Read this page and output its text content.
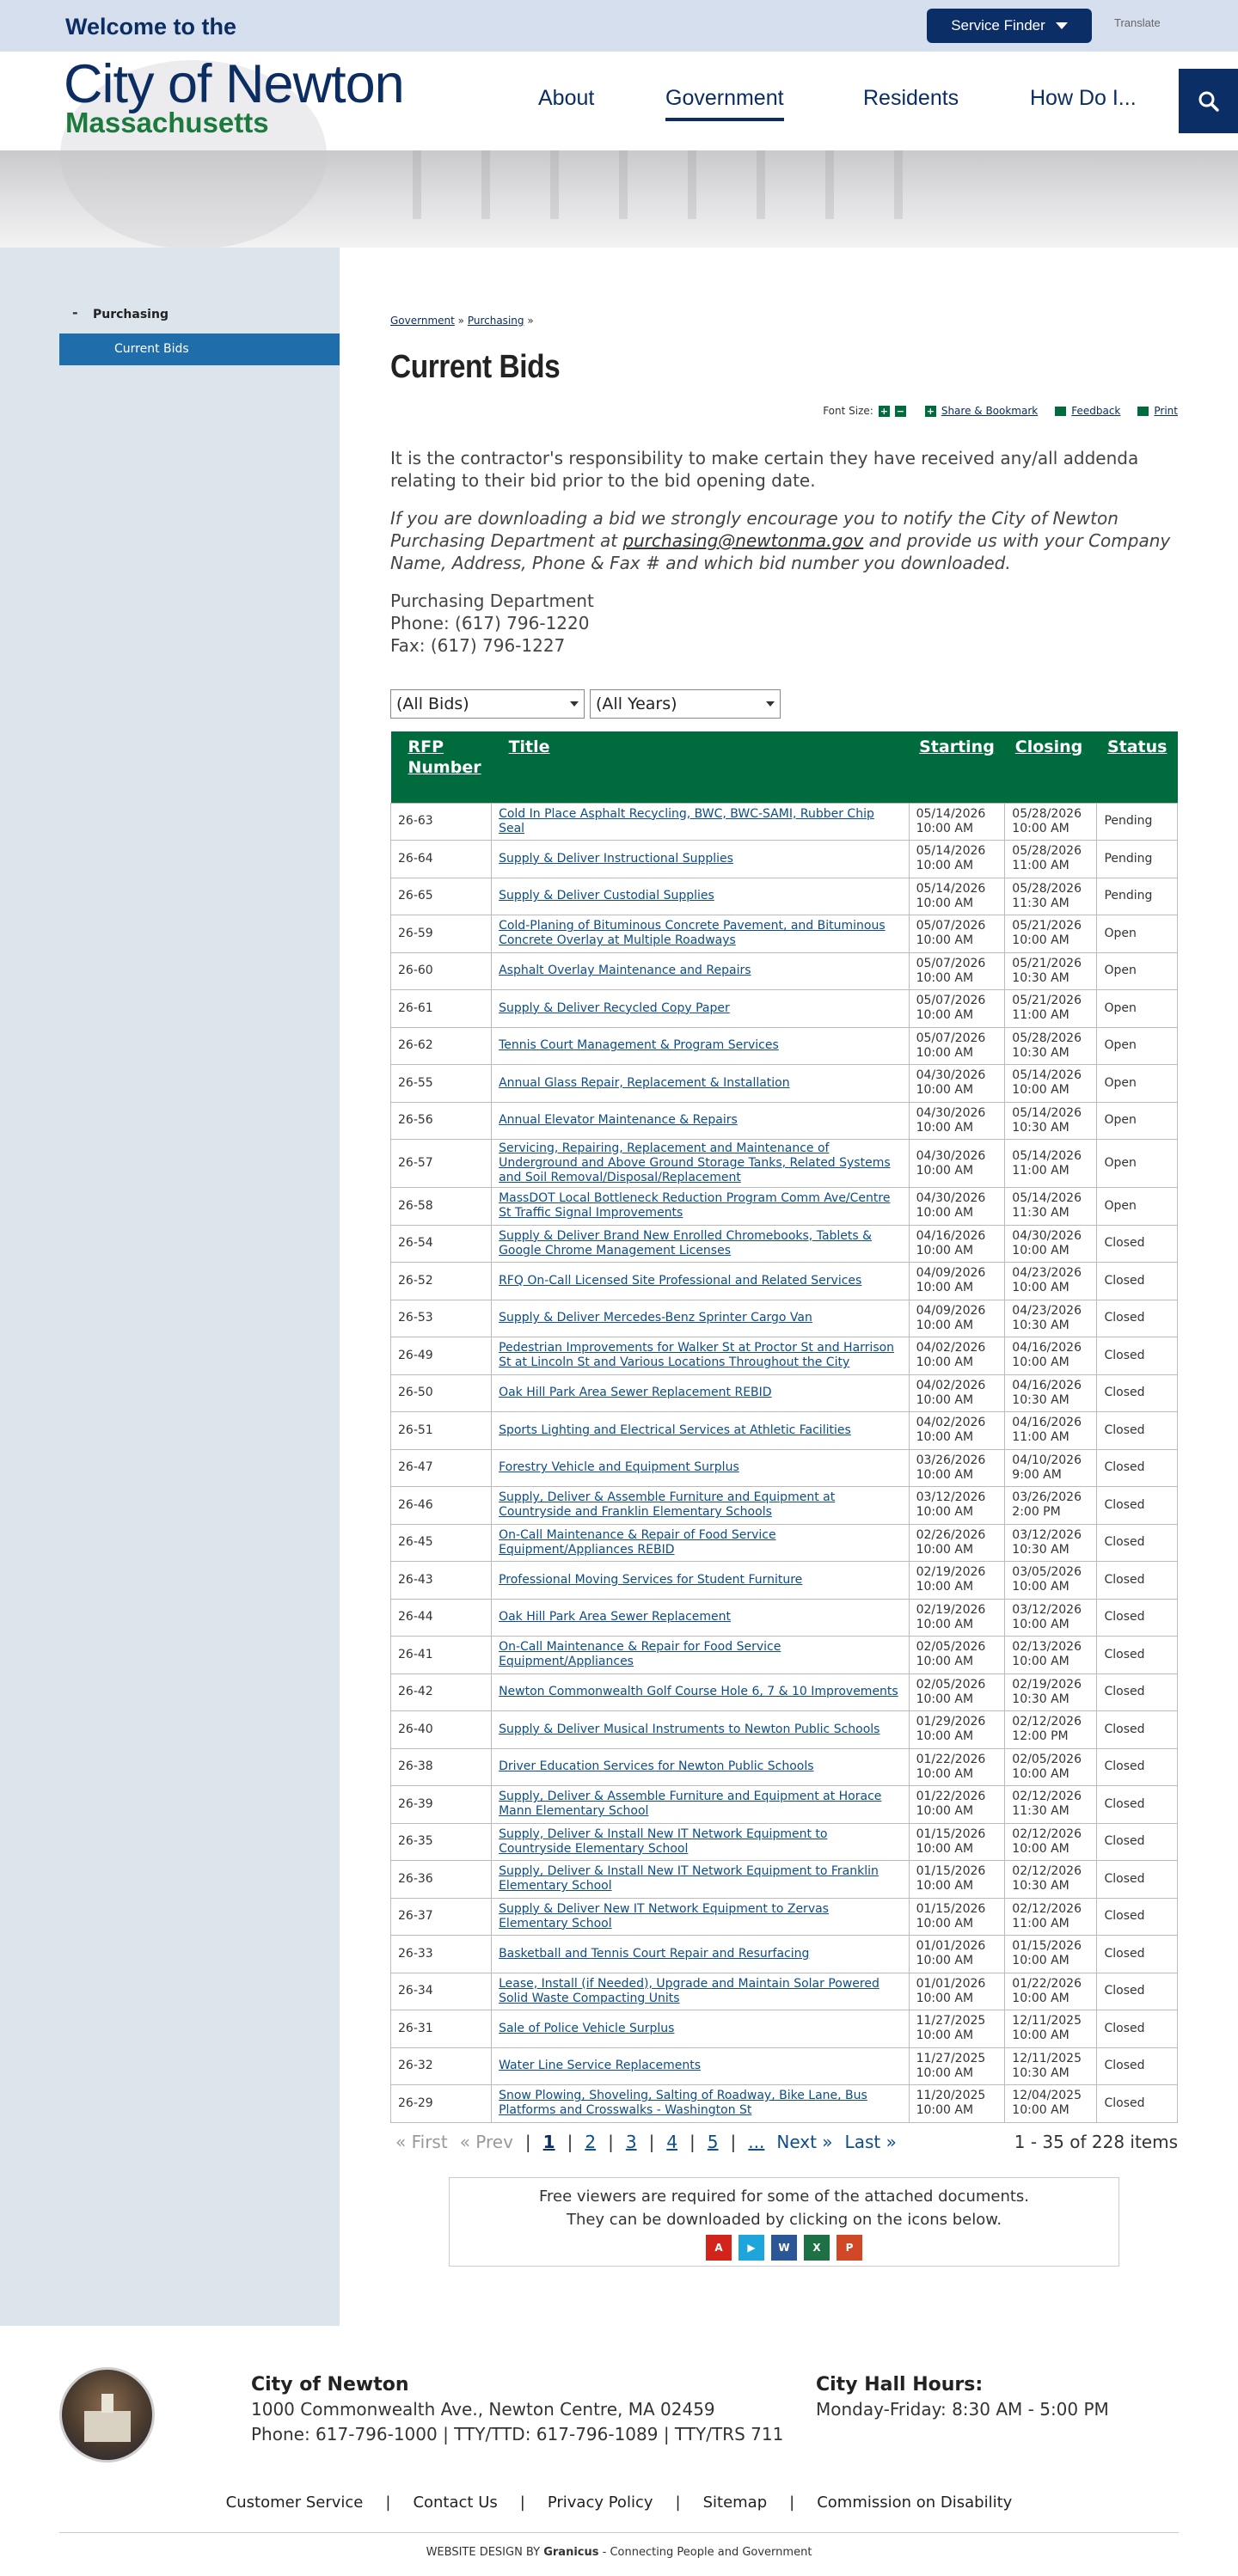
Welcome to the	Service Finder	Translate
City of Newton
Massachusetts
About	Government	Residents	How Do I...
- Purchasing
Current Bids
Government » Purchasing »
Current Bids
Font Size: + − + Share & Bookmark	Feedback	Print

It is the contractor's responsibility to make certain they have received any/all addenda relating to their bid prior to the bid opening date.

If you are downloading a bid we strongly encourage you to notify the City of Newton Purchasing Department at purchasing@newtonma.gov and provide us with your Company Name, Address, Phone & Fax # and which bid number you downloaded.

Purchasing Department
Phone: (617) 796-1220
Fax: (617) 796-1227
(All Bids)	(All Years)
RFP Number	Title	Starting	Closing	Status
26-63	Cold In Place Asphalt Recycling, BWC, BWC-SAMI, Rubber Chip Seal	05/14/2026 10:00 AM	05/28/2026 10:00 AM	Pending
26-64	Supply & Deliver Instructional Supplies	05/14/2026 10:00 AM	05/28/2026 11:00 AM	Pending
26-65	Supply & Deliver Custodial Supplies	05/14/2026 10:00 AM	05/28/2026 11:30 AM	Pending
26-59	Cold-Planing of Bituminous Concrete Pavement, and Bituminous Concrete Overlay at Multiple Roadways	05/07/2026 10:00 AM	05/21/2026 10:00 AM	Open
26-60	Asphalt Overlay Maintenance and Repairs	05/07/2026 10:00 AM	05/21/2026 10:30 AM	Open
26-61	Supply & Deliver Recycled Copy Paper	05/07/2026 10:00 AM	05/21/2026 11:00 AM	Open
26-62	Tennis Court Management & Program Services	05/07/2026 10:00 AM	05/28/2026 10:30 AM	Open
26-55	Annual Glass Repair, Replacement & Installation	04/30/2026 10:00 AM	05/14/2026 10:00 AM	Open
26-56	Annual Elevator Maintenance & Repairs	04/30/2026 10:00 AM	05/14/2026 10:30 AM	Open
26-57	Servicing, Repairing, Replacement and Maintenance of Underground and Above Ground Storage Tanks, Related Systems and Soil Removal/Disposal/Replacement	04/30/2026 10:00 AM	05/14/2026 11:00 AM	Open
26-58	MassDOT Local Bottleneck Reduction Program Comm Ave/Centre St Traffic Signal Improvements	04/30/2026 10:00 AM	05/14/2026 11:30 AM	Open
26-54	Supply & Deliver Brand New Enrolled Chromebooks, Tablets & Google Chrome Management Licenses	04/16/2026 10:00 AM	04/30/2026 10:00 AM	Closed
26-52	RFQ On-Call Licensed Site Professional and Related Services	04/09/2026 10:00 AM	04/23/2026 10:00 AM	Closed
26-53	Supply & Deliver Mercedes-Benz Sprinter Cargo Van	04/09/2026 10:00 AM	04/23/2026 10:30 AM	Closed
26-49	Pedestrian Improvements for Walker St at Proctor St and Harrison St at Lincoln St and Various Locations Throughout the City	04/02/2026 10:00 AM	04/16/2026 10:00 AM	Closed
26-50	Oak Hill Park Area Sewer Replacement REBID	04/02/2026 10:00 AM	04/16/2026 10:30 AM	Closed
26-51	Sports Lighting and Electrical Services at Athletic Facilities	04/02/2026 10:00 AM	04/16/2026 11:00 AM	Closed
26-47	Forestry Vehicle and Equipment Surplus	03/26/2026 10:00 AM	04/10/2026 9:00 AM	Closed
26-46	Supply, Deliver & Assemble Furniture and Equipment at Countryside and Franklin Elementary Schools	03/12/2026 10:00 AM	03/26/2026 2:00 PM	Closed
26-45	On-Call Maintenance & Repair of Food Service Equipment/Appliances REBID	02/26/2026 10:00 AM	03/12/2026 10:30 AM	Closed
26-43	Professional Moving Services for Student Furniture	02/19/2026 10:00 AM	03/05/2026 10:00 AM	Closed
26-44	Oak Hill Park Area Sewer Replacement	02/19/2026 10:00 AM	03/12/2026 10:00 AM	Closed
26-41	On-Call Maintenance & Repair for Food Service Equipment/Appliances	02/05/2026 10:00 AM	02/13/2026 10:00 AM	Closed
26-42	Newton Commonwealth Golf Course Hole 6, 7 & 10 Improvements	02/05/2026 10:00 AM	02/19/2026 10:30 AM	Closed
26-40	Supply & Deliver Musical Instruments to Newton Public Schools	01/29/2026 10:00 AM	02/12/2026 12:00 PM	Closed
26-38	Driver Education Services for Newton Public Schools	01/22/2026 10:00 AM	02/05/2026 10:00 AM	Closed
26-39	Supply, Deliver & Assemble Furniture and Equipment at Horace Mann Elementary School	01/22/2026 10:00 AM	02/12/2026 11:30 AM	Closed
26-35	Supply, Deliver & Install New IT Network Equipment to Countryside Elementary School	01/15/2026 10:00 AM	02/12/2026 10:00 AM	Closed
26-36	Supply, Deliver & Install New IT Network Equipment to Franklin Elementary School	01/15/2026 10:00 AM	02/12/2026 10:30 AM	Closed
26-37	Supply & Deliver New IT Network Equipment to Zervas Elementary School	01/15/2026 10:00 AM	02/12/2026 11:00 AM	Closed
26-33	Basketball and Tennis Court Repair and Resurfacing	01/01/2026 10:00 AM	01/15/2026 10:00 AM	Closed
26-34	Lease, Install (if Needed), Upgrade and Maintain Solar Powered Solid Waste Compacting Units	01/01/2026 10:00 AM	01/22/2026 10:00 AM	Closed
26-31	Sale of Police Vehicle Surplus	11/27/2025 10:00 AM	12/11/2025 10:00 AM	Closed
26-32	Water Line Service Replacements	11/27/2025 10:00 AM	12/11/2025 10:30 AM	Closed
26-29	Snow Plowing, Shoveling, Salting of Roadway, Bike Lane, Bus Platforms and Crosswalks - Washington St	11/20/2025 10:00 AM	12/04/2025 10:00 AM	Closed
« First « Prev | 1 | 2 | 3 | 4 | 5 | ... Next » Last »	1 - 35 of 228 items
Free viewers are required for some of the attached documents.
They can be downloaded by clicking on the icons below.
A	▶	W	X	P
City of Newton
1000 Commonwealth Ave., Newton Centre, MA 02459
Phone: 617-796-1000 | TTY/TTD: 617-796-1089 | TTY/TRS 711
City Hall Hours:
Monday-Friday: 8:30 AM - 5:00 PM
Customer Service | Contact Us | Privacy Policy | Sitemap | Commission on Disability
WEBSITE DESIGN BY Granicus - Connecting People and Government
